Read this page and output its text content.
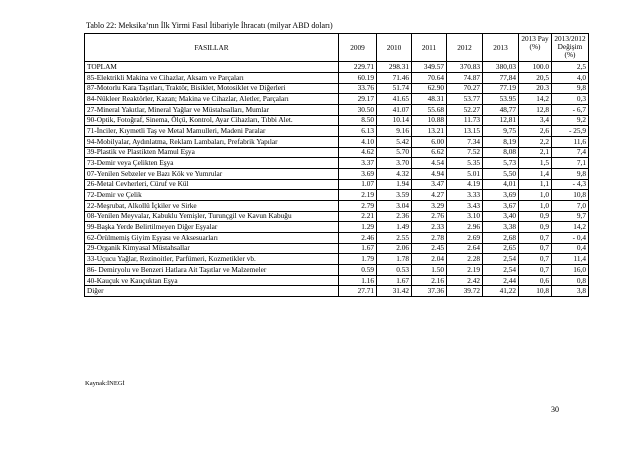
Tablo 22: Meksika’nın İlk Yirmi Fasıl İtibariyle İhracatı (milyar ABD doları)
FASILLAR	2009	2010	2011	2012	2013	2013 Pay (%)	2013/2012 Değişim (%)
TOPLAM	229.71	298.31	349.57	370.83	380,03	100.0	2,5
85-Elektrikli Makina ve Cihazlar, Aksam ve Parçaları	60.19	71.46	70.64	74.87	77,84	20,5	4,0
87-Motorlu Kara Taşıtları, Traktör, Bisiklet, Motosiklet ve Diğerleri	33.76	51.74	62.90	70.27	77.19	20.3	9,8
84-Nükleer Reaktörler, Kazan; Makina ve Cihazlar, Aletler, Parçaları	29.17	41.65	48.31	53.77	53.95	14,2	0,3
27-Mineral Yakıtlar, Mineral Yağlar ve Müstahsalları, Mumlar	30.50	41.07	55.68	52.27	48,77	12,8	- 6,7
90-Optik, Fotoğraf, Sinema, Ölçü, Kontrol, Ayar Cihazları, Tıbbi Alet.	8.50	10.14	10.88	11.73	12,81	3,4	9,2
71-İnciler, Kıymetli Taş ve Metal Mamulleri, Madeni Paralar	6.13	9.16	13.21	13.15	9,75	2,6	- 25,9
94-Mobilyalar, Aydınlatma, Reklam Lambaları, Prefabrik Yapılar	4.10	5.42	6.00	7.34	8,19	2,2	11,6
39-Plastik ve Plastikten Mamul Eşya	4.62	5.70	6.62	7.52	8,08	2,1	7,4
73-Demir veya Çelikten Eşya	3.37	3.70	4.54	5.35	5,73	1,5	7,1
07-Yenilen Sebzeler ve Bazı Kök ve Yumrular	3.69	4.32	4.94	5.01	5,50	1,4	9,8
26-Metal Cevherleri, Cüruf ve Kül	1.07	1.94	3.47	4.19	4,01	1,1	- 4,3
72-Demir ve Çelik	2.19	3.59	4.27	3.33	3,69	1,0	10,8
22-Meşrubat, Alkollü İçkiler ve Sirke	2.79	3.04	3.29	3.43	3,67	1,0	7,0
08-Yenilen Meyvalar, Kabuklu Yemişler, Turunçgil ve Kavun Kabuğu	2.21	2.36	2.76	3.10	3,40	0,9	9,7
99-Başka Yerde Belirtilmeyen Diğer Eşyalar	1.29	1.49	2.33	2.96	3,38	0,9	14,2
62-Örülmemiş Giyim Eşyası ve Aksesuarları	2.46	2.55	2.78	2.69	2,68	0,7	- 0,4
29-Organik Kimyasal Müstahsallar	1.67	2.06	2.45	2.64	2,65	0,7	0,4
33-Uçucu Yağlar, Rezinoitler, Parfümeri, Kozmetikler vb.	1.79	1.78	2.04	2.28	2,54	0,7	11,4
86- Demiryolu ve Benzeri Hatlara Ait Taşıtlar ve Malzemeler	0.59	0.53	1.50	2.19	2,54	0,7	16,0
40-Kauçuk ve Kauçuktan Eşya	1.16	1.67	2.16	2.42	2,44	0,6	0,8
Diğer	27.71	31.42	37.36	39.72	41,22	10,8	3,8
Kaynak:İNEGİ
30
